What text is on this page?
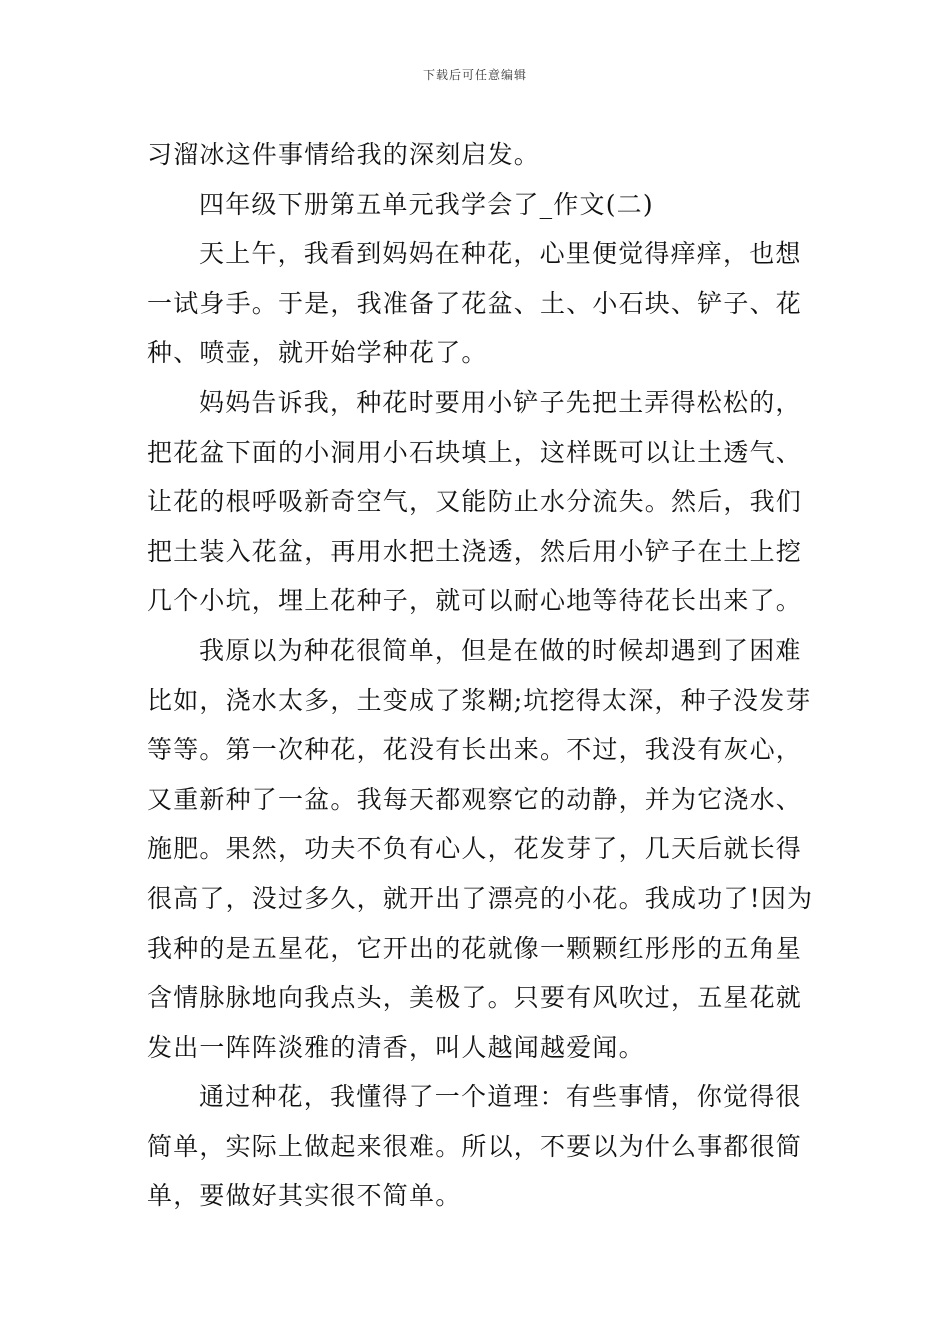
下载后可任意编辑
习溜冰这件事情给我的深刻启发。
四年级下册第五单元我学会了_作文(二)
天上午，我看到妈妈在种花，心里便觉得痒痒，也想
一试身手。于是，我准备了花盆、土、小石块、铲子、花
种、喷壶，就开始学种花了。
妈妈告诉我，种花时要用小铲子先把土弄得松松的，
把花盆下面的小洞用小石块填上，这样既可以让土透气、
让花的根呼吸新奇空气，又能防止水分流失。然后，我们
把土装入花盆，再用水把土浇透，然后用小铲子在土上挖
几个小坑，埋上花种子，就可以耐心地等待花长出来了。
我原以为种花很简单，但是在做的时候却遇到了困难
比如，浇水太多，土变成了浆糊;坑挖得太深，种子没发芽
等等。第一次种花，花没有长出来。不过，我没有灰心，
又重新种了一盆。我每天都观察它的动静，并为它浇水、
施肥。果然，功夫不负有心人，花发芽了，几天后就长得
很高了，没过多久，就开出了漂亮的小花。我成功了!因为
我种的是五星花，它开出的花就像一颗颗红彤彤的五角星
含情脉脉地向我点头，美极了。只要有风吹过，五星花就
发出一阵阵淡雅的清香，叫人越闻越爱闻。
通过种花，我懂得了一个道理：有些事情，你觉得很
简单，实际上做起来很难。所以，不要以为什么事都很简
单，要做好其实很不简单。
